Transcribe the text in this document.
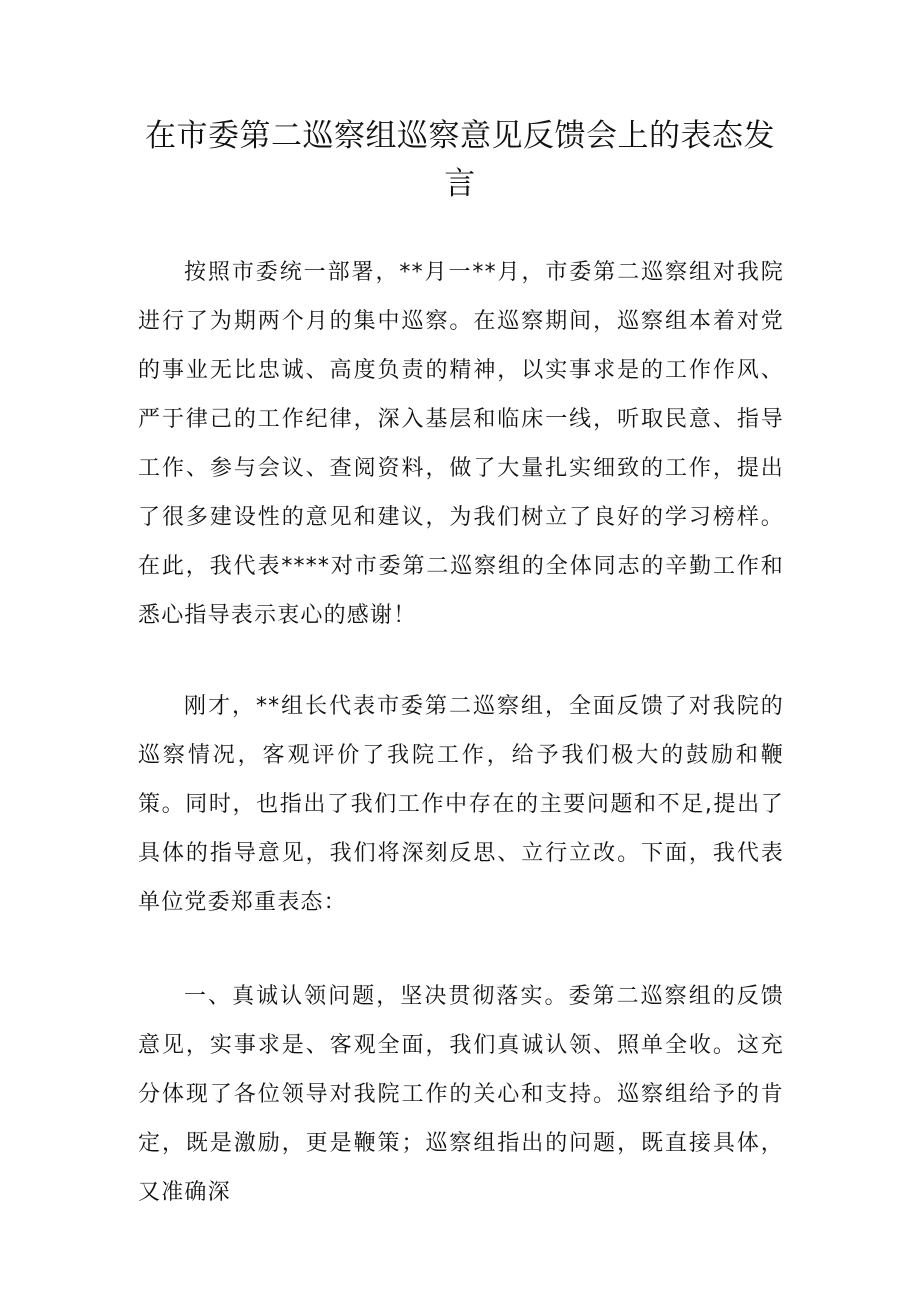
在市委第二巡察组巡察意见反馈会上的表态发言

按照市委统一部署，**月一**月，市委第二巡察组对我院进行了为期两个月的集中巡察。在巡察期间，巡察组本着对党的事业无比忠诚、高度负责的精神，以实事求是的工作作风、严于律己的工作纪律，深入基层和临床一线，听取民意、指导工作、参与会议、查阅资料，做了大量扎实细致的工作，提出了很多建设性的意见和建议，为我们树立了良好的学习榜样。在此，我代表****对市委第二巡察组的全体同志的辛勤工作和悉心指导表示衷心的感谢！

刚才，**组长代表市委第二巡察组，全面反馈了对我院的巡察情况，客观评价了我院工作，给予我们极大的鼓励和鞭策。同时，也指出了我们工作中存在的主要问题和不足,提出了具体的指导意见，我们将深刻反思、立行立改。下面，我代表单位党委郑重表态：

一、真诚认领问题，坚决贯彻落实。委第二巡察组的反馈意见，实事求是、客观全面，我们真诚认领、照单全收。这充分体现了各位领导对我院工作的关心和支持。巡察组给予的肯定，既是激励，更是鞭策；巡察组指出的问题，既直接具体，又准确深
